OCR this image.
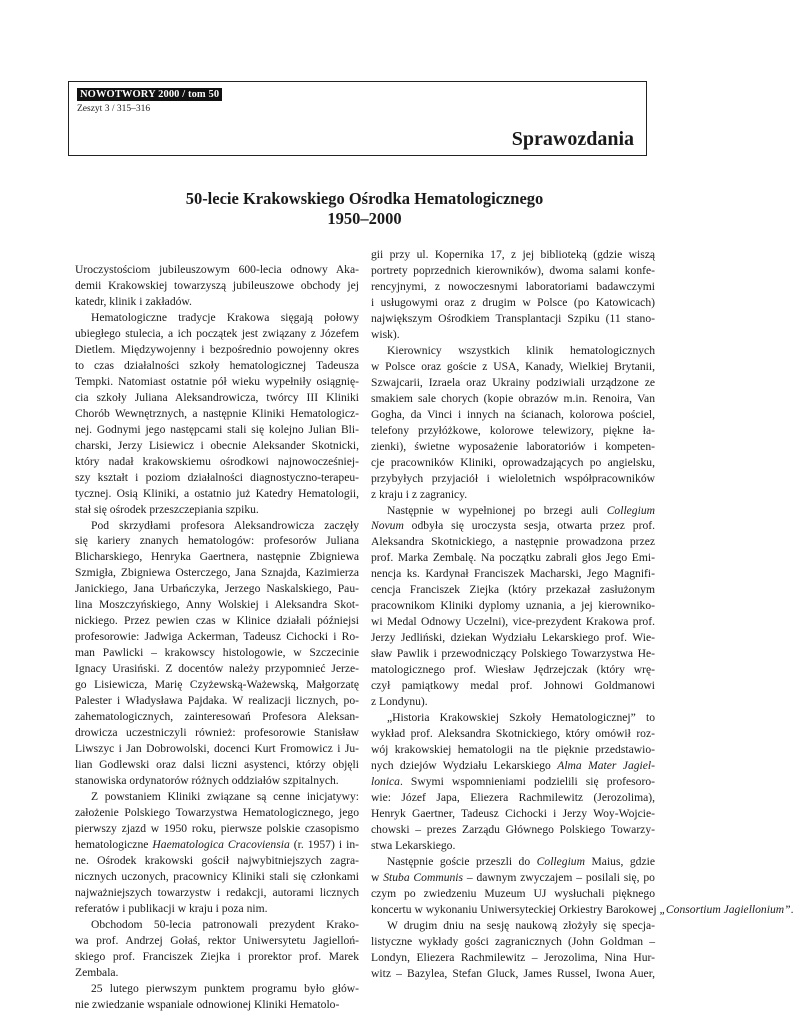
NOWOTWORY 2000 / tom 50
Zeszyt 3 / 315–316
Sprawozdania
50-lecie Krakowskiego Ośrodka Hematologicznego
1950–2000
Uroczystościom jubileuszowym 600-lecia odnowy Aka-
demii Krakowskiej towarzyszą jubileuszowe obchody jej
katedr, klinik i zakładów.
Hematologiczne tradycje Krakowa sięgają połowy
ubiegłego stulecia, a ich początek jest związany z Józefem
Dietlem. Międzywojenny i bezpośrednio powojenny okres
to czas działalności szkoły hematologicznej Tadeusza
Tempki. Natomiast ostatnie pół wieku wypełniły osiągnię-
cia szkoły Juliana Aleksandrowicza, twórcy III Kliniki
Chorób Wewnętrznych, a następnie Kliniki Hematologicz-
nej. Godnymi jego następcami stali się kolejno Julian Bli-
charski, Jerzy Lisiewicz i obecnie Aleksander Skotnicki,
który nadał krakowskiemu ośrodkowi najnowocześniej-
szy kształt i poziom działalności diagnostyczno-terapeu-
tycznej. Osią Kliniki, a ostatnio już Katedry Hematologii,
stał się ośrodek przeszczepiania szpiku.
Pod skrzydłami profesora Aleksandrowicza zaczęły
się kariery znanych hematologów: profesorów Juliana
Blicharskiego, Henryka Gaertnera, następnie Zbigniewa
Szmigła, Zbigniewa Osterczego, Jana Sznajda, Kazimierza
Janickiego, Jana Urbańczyka, Jerzego Naskalskiego, Pau-
lina Moszczyńskiego, Anny Wolskiej i Aleksandra Skot-
nickiego. Przez pewien czas w Klinice działali późniejsi
profesorowie: Jadwiga Ackerman, Tadeusz Cichocki i Ro-
man Pawlicki – krakowscy histologowie, w Szczecinie
Ignacy Urasiński. Z docentów należy przypomnieć Jerze-
go Lisiewicza, Marię Czyżewską-Ważewską, Małgorzatę
Palester i Władysława Pajdaka. W realizacji licznych, po-
zahematologicznych, zainteresowań Profesora Aleksan-
drowicza uczestniczyli również: profesorowie Stanisław
Liwszyc i Jan Dobrowolski, docenci Kurt Fromowicz i Ju-
lian Godlewski oraz dalsi liczni asystenci, którzy objęli
stanowiska ordynatorów różnych oddziałów szpitalnych.
Z powstaniem Kliniki związane są cenne inicjatywy:
założenie Polskiego Towarzystwa Hematologicznego, jego
pierwszy zjazd w 1950 roku, pierwsze polskie czasopismo
hematologiczne Haematologica Cracoviensia (r. 1957) i in-
ne. Ośrodek krakowski gościł najwybitniejszych zagra-
nicznych uczonych, pracownicy Kliniki stali się członkami
najważniejszych towarzystw i redakcji, autorami licznych
referatów i publikacji w kraju i poza nim.
Obchodom 50-lecia patronowali prezydent Krako-
wa prof. Andrzej Gołaś, rektor Uniwersytetu Jagielloń-
skiego prof. Franciszek Ziejka i prorektor prof. Marek
Zembala.
25 lutego pierwszym punktem programu było głów-
nie zwiedzanie wspaniale odnowionej Kliniki Hematolo-
gii przy ul. Kopernika 17, z jej biblioteką (gdzie wiszą
portrety poprzednich kierowników), dwoma salami konfe-
rencyjnymi, z nowoczesnymi laboratoriami badawczymi
i usługowymi oraz z drugim w Polsce (po Katowicach)
największym Ośrodkiem Transplantacji Szpiku (11 stano-
wisk).
Kierownicy wszystkich klinik hematologicznych
w Polsce oraz goście z USA, Kanady, Wielkiej Brytanii,
Szwajcarii, Izraela oraz Ukrainy podziwiali urządzone ze
smakiem sale chorych (kopie obrazów m.in. Renoira, Van
Gogha, da Vinci i innych na ścianach, kolorowa pościel,
telefony przyłóżkowe, kolorowe telewizory, piękne ła-
zienki), świetne wyposażenie laboratoriów i kompeten-
cje pracowników Kliniki, oprowadzających po angielsku,
przybyłych przyjaciół i wieloletnich współpracowników
z kraju i z zagranicy.
Następnie w wypełnionej po brzegi auli Collegium
Novum odbyła się uroczysta sesja, otwarta przez prof.
Aleksandra Skotnickiego, a następnie prowadzona przez
prof. Marka Zembalę. Na początku zabrali głos Jego Emi-
nencja ks. Kardynał Franciszek Macharski, Jego Magnifi-
cencja Franciszek Ziejka (który przekazał zasłużonym
pracownikom Kliniki dyplomy uznania, a jej kierowniko-
wi Medal Odnowy Uczelni), vice-prezydent Krakowa prof.
Jerzy Jedliński, dziekan Wydziału Lekarskiego prof. Wie-
sław Pawlik i przewodniczący Polskiego Towarzystwa He-
matologicznego prof. Wiesław Jędrzejczak (który wrę-
czył pamiątkowy medal prof. Johnowi Goldmanowi
z Londynu).
„Historia Krakowskiej Szkoły Hematologicznej” to
wykład prof. Aleksandra Skotnickiego, który omówił roz-
wój krakowskiej hematologii na tle pięknie przedstawio-
nych dziejów Wydziału Lekarskiego Alma Mater Jagiel-
lonica. Swymi wspomnieniami podzielili się profesoro-
wie: Józef Japa, Eliezera Rachmilewitz (Jerozolima),
Henryk Gaertner, Tadeusz Cichocki i Jerzy Woy-Wojcie-
chowski – prezes Zarządu Głównego Polskiego Towarzy-
stwa Lekarskiego.
Następnie goście przeszli do Collegium Maius, gdzie
w Stuba Communis – dawnym zwyczajem – posilali się, po
czym po zwiedzeniu Muzeum UJ wysłuchali pięknego
koncertu w wykonaniu Uniwersyteckiej Orkiestry Barokowej „Consortium Jagiellonium”
W drugim dniu na sesję naukową złożyły się specja-
listyczne wykłady gości zagranicznych (John Goldman –
Londyn, Eliezera Rachmilewitz – Jerozolima, Nina Hur-
witz – Bazylea, Stefan Gluck, James Russel, Iwona Auer,
